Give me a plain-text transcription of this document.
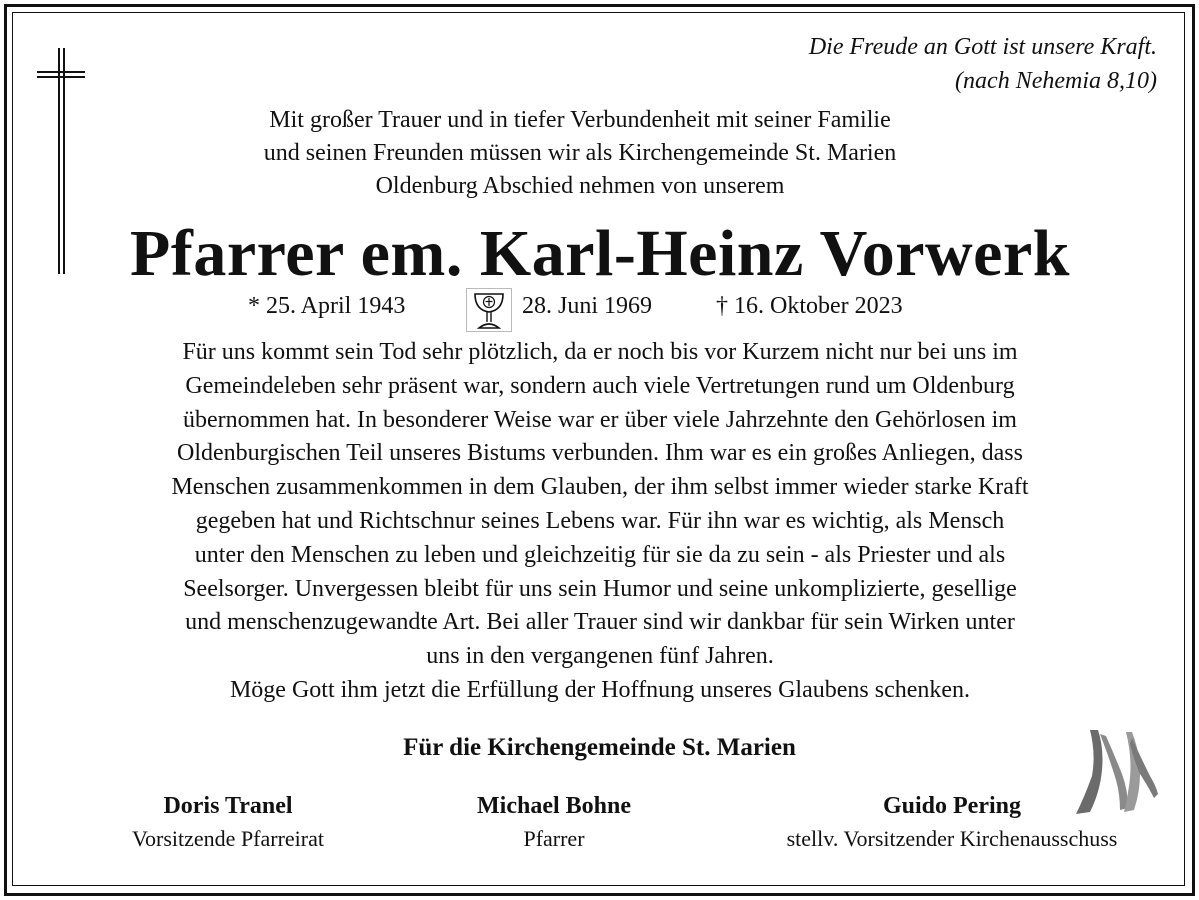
Die Freude an Gott ist unsere Kraft.
(nach Nehemia 8,10)
Mit großer Trauer und in tiefer Verbundenheit mit seiner Familie
und seinen Freunden müssen wir als Kirchengemeinde St. Marien
Oldenburg Abschied nehmen von unserem
Pfarrer em. Karl-Heinz Vorwerk
* 25. April 1943	28. Juni 1969	† 16. Oktober 2023

Für uns kommt sein Tod sehr plötzlich, da er noch bis vor Kurzem nicht nur bei uns im

Gemeindeleben sehr präsent war, sondern auch viele Vertretungen rund um Oldenburg

übernommen hat. In besonderer Weise war er über viele Jahrzehnte den Gehörlosen im

Oldenburgischen Teil unseres Bistums verbunden. Ihm war es ein großes Anliegen, dass

Menschen zusammenkommen in dem Glauben, der ihm selbst immer wieder starke Kraft

gegeben hat und Richtschnur seines Lebens war. Für ihn war es wichtig, als Mensch

unter den Menschen zu leben und gleichzeitig für sie da zu sein - als Priester und als

Seelsorger. Unvergessen bleibt für uns sein Humor und seine unkomplizierte, gesellige

und menschenzugewandte Art. Bei aller Trauer sind wir dankbar für sein Wirken unter

uns in den vergangenen fünf Jahren.

Möge Gott ihm jetzt die Erfüllung der Hoffnung unseres Glaubens schenken.

Für die Kirchengemeinde St. Marien
Doris Tranel
Vorsitzende Pfarreirat
Michael Bohne
Pfarrer
Guido Pering
stellv. Vorsitzender Kirchenausschuss
